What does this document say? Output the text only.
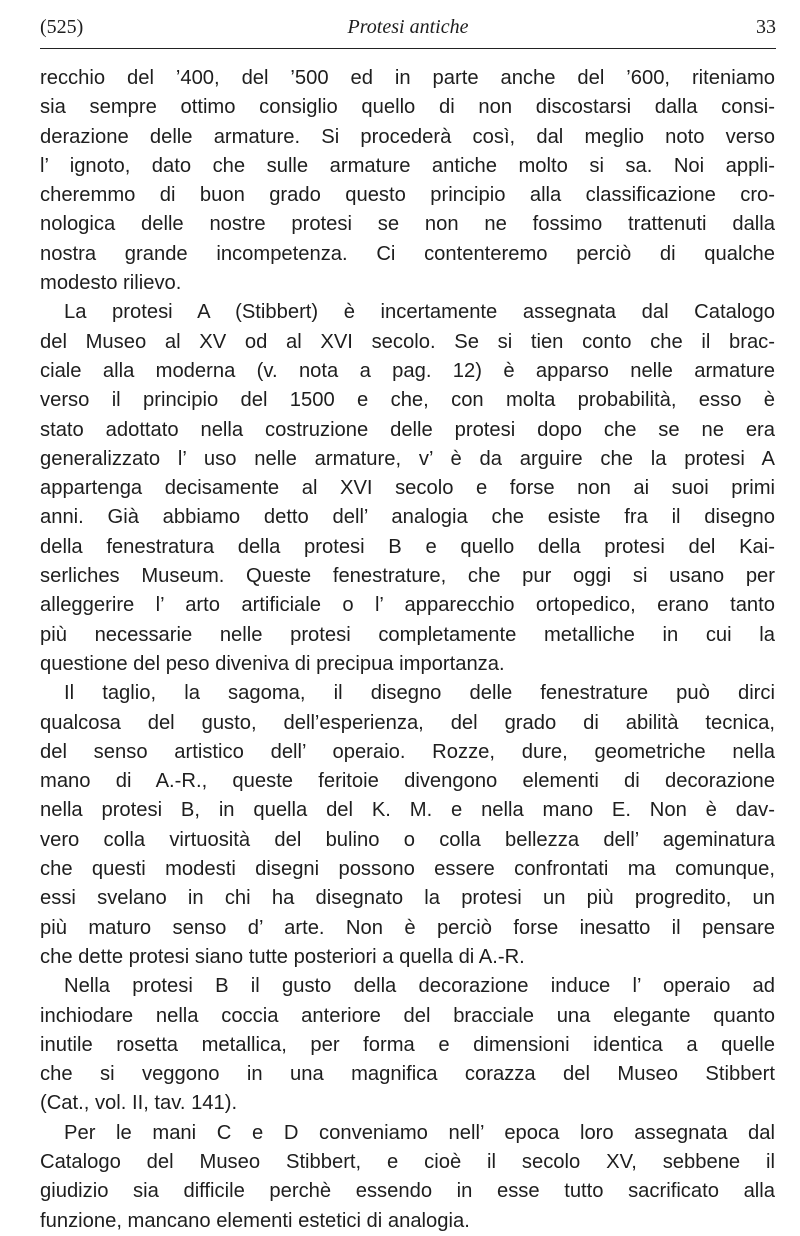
(525)	Protesi antiche	33

recchio del ’400, del ’500 ed in parte anche del ’600, riteniamo
sia sempre ottimo consiglio quello di non discostarsi dalla consi-
derazione delle armature. Si procederà così, dal meglio noto verso
l’ ignoto, dato che sulle armature antiche molto si sa. Noi appli-
cheremmo di buon grado questo principio alla classificazione cro-
nologica delle nostre protesi se non ne fossimo trattenuti dalla
nostra grande incompetenza. Ci contenteremo perciò di qualche
modesto rilievo.

La protesi A (Stibbert) è incertamente assegnata dal Catalogo
del Museo al XV od al XVI secolo. Se si tien conto che il brac-
ciale alla moderna (v. nota a pag. 12) è apparso nelle armature
verso il principio del 1500 e che, con molta probabilità, esso è
stato adottato nella costruzione delle protesi dopo che se ne era
generalizzato l’ uso nelle armature, v’ è da arguire che la protesi A
appartenga decisamente al XVI secolo e forse non ai suoi primi
anni. Già abbiamo detto dell’ analogia che esiste fra il disegno
della fenestratura della protesi B e quello della protesi del Kai-
serliches Museum. Queste fenestrature, che pur oggi si usano per
alleggerire l’ arto artificiale o l’ apparecchio ortopedico, erano tanto
più necessarie nelle protesi completamente metalliche in cui la
questione del peso diveniva di precipua importanza.

Il taglio, la sagoma, il disegno delle fenestrature può dirci
qualcosa del gusto, dell’esperienza, del grado di abilità tecnica,
del senso artistico dell’ operaio. Rozze, dure, geometriche nella
mano di A.-R., queste feritoie divengono elementi di decorazione
nella protesi B, in quella del K. M. e nella mano E. Non è dav-
vero colla virtuosità del bulino o colla bellezza dell’ ageminatura
che questi modesti disegni possono essere confrontati ma comunque,
essi svelano in chi ha disegnato la protesi un più progredito, un
più maturo senso d’ arte. Non è perciò forse inesatto il pensare
che dette protesi siano tutte posteriori a quella di A.-R.

Nella protesi B il gusto della decorazione induce l’ operaio ad
inchiodare nella coccia anteriore del bracciale una elegante quanto
inutile rosetta metallica, per forma e dimensioni identica a quelle
che si veggono in una magnifica corazza del Museo Stibbert
(Cat., vol. II, tav. 141).

Per le mani C e D conveniamo nell’ epoca loro assegnata dal
Catalogo del Museo Stibbert, e cioè il secolo XV, sebbene il
giudizio sia difficile perchè essendo in esse tutto sacrificato alla
funzione, mancano elementi estetici di analogia.
